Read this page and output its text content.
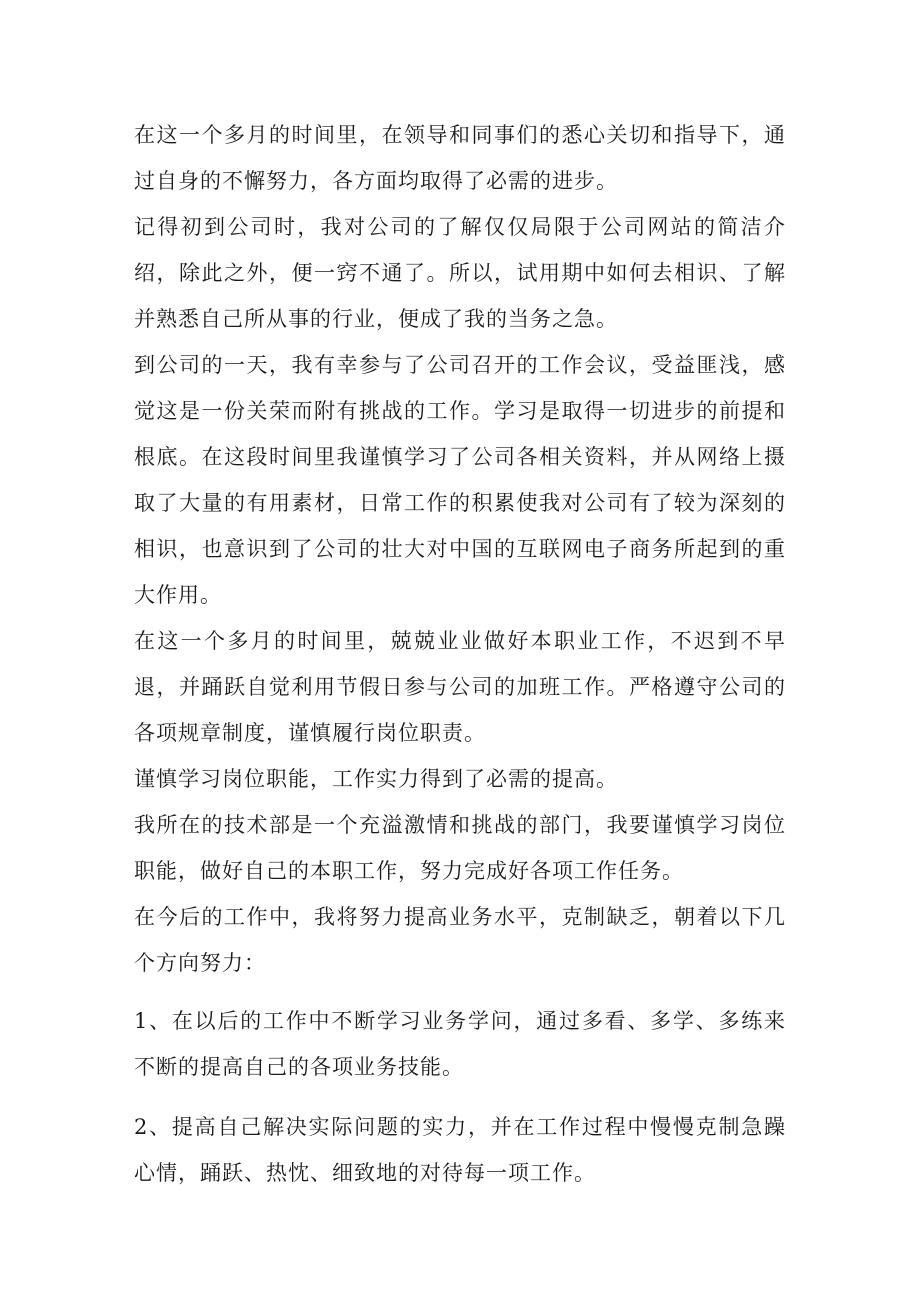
在这一个多月的时间里，在领导和同事们的悉心关切和指导下，通过自身的不懈努力，各方面均取得了必需的进步。

记得初到公司时，我对公司的了解仅仅局限于公司网站的简洁介绍，除此之外，便一窍不通了。所以，试用期中如何去相识、了解并熟悉自己所从事的行业，便成了我的当务之急。

到公司的一天，我有幸参与了公司召开的工作会议，受益匪浅，感觉这是一份关荣而附有挑战的工作。学习是取得一切进步的前提和根底。在这段时间里我谨慎学习了公司各相关资料，并从网络上摄取了大量的有用素材，日常工作的积累使我对公司有了较为深刻的相识，也意识到了公司的壮大对中国的互联网电子商务所起到的重大作用。

在这一个多月的时间里，兢兢业业做好本职业工作，不迟到不早退，并踊跃自觉利用节假日参与公司的加班工作。严格遵守公司的各项规章制度，谨慎履行岗位职责。

谨慎学习岗位职能，工作实力得到了必需的提高。

我所在的技术部是一个充溢激情和挑战的部门，我要谨慎学习岗位职能，做好自己的本职工作，努力完成好各项工作任务。

在今后的工作中，我将努力提高业务水平，克制缺乏，朝着以下几个方向努力：

1、在以后的工作中不断学习业务学问，通过多看、多学、多练来不断的提高自己的各项业务技能。

2、提高自己解决实际问题的实力，并在工作过程中慢慢克制急躁心情，踊跃、热忱、细致地的对待每一项工作。
